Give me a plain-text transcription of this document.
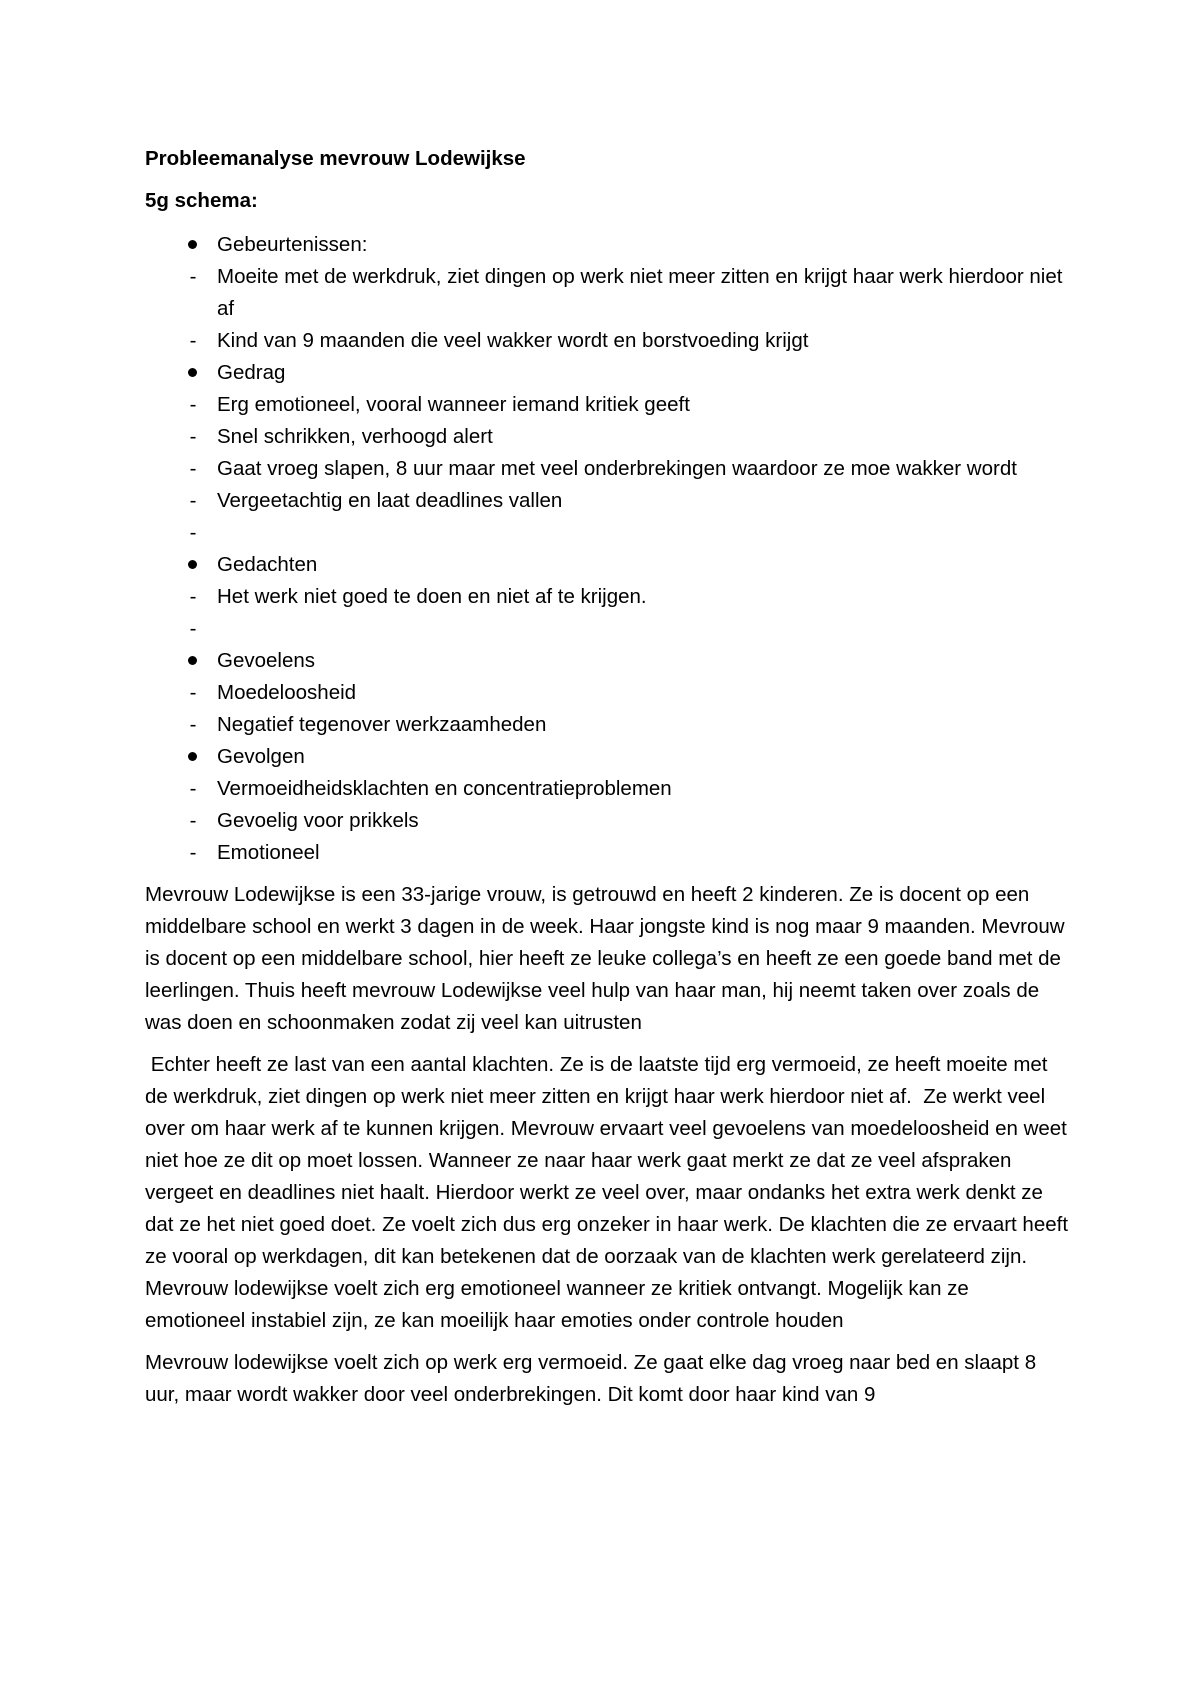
Probleemanalyse mevrouw Lodewijkse
5g schema:
Gebeurtenissen:
-	Moeite met de werkdruk, ziet dingen op werk niet meer zitten en krijgt haar werk hierdoor niet af
-	Kind van 9 maanden die veel wakker wordt en borstvoeding krijgt
Gedrag
-	Erg emotioneel, vooral wanneer iemand kritiek geeft
-	Snel schrikken, verhoogd alert
-	Gaat vroeg slapen, 8 uur maar met veel onderbrekingen waardoor ze moe wakker wordt
-	Vergeetachtig en laat deadlines vallen
-
Gedachten
-	Het werk niet goed te doen en niet af te krijgen.
-
Gevoelens
-	Moedeloosheid
-	Negatief tegenover werkzaamheden
Gevolgen
-	Vermoeidheidsklachten en concentratieproblemen
-	Gevoelig voor prikkels
-	Emotioneel
Mevrouw Lodewijkse is een 33-jarige vrouw, is getrouwd en heeft 2 kinderen. Ze is docent op een middelbare school en werkt 3 dagen in de week. Haar jongste kind is nog maar 9 maanden. Mevrouw is docent op een middelbare school, hier heeft ze leuke collega’s en heeft ze een goede band met de leerlingen. Thuis heeft mevrouw Lodewijkse veel hulp van haar man, hij neemt taken over zoals de was doen en schoonmaken zodat zij veel kan uitrusten
Echter heeft ze last van een aantal klachten. Ze is de laatste tijd erg vermoeid, ze heeft moeite met de werkdruk, ziet dingen op werk niet meer zitten en krijgt haar werk hierdoor niet af.  Ze werkt veel over om haar werk af te kunnen krijgen. Mevrouw ervaart veel gevoelens van moedeloosheid en weet niet hoe ze dit op moet lossen. Wanneer ze naar haar werk gaat merkt ze dat ze veel afspraken vergeet en deadlines niet haalt. Hierdoor werkt ze veel over, maar ondanks het extra werk denkt ze dat ze het niet goed doet. Ze voelt zich dus erg onzeker in haar werk. De klachten die ze ervaart heeft ze vooral op werkdagen, dit kan betekenen dat de oorzaak van de klachten werk gerelateerd zijn. Mevrouw lodewijkse voelt zich erg emotioneel wanneer ze kritiek ontvangt. Mogelijk kan ze emotioneel instabiel zijn, ze kan moeilijk haar emoties onder controle houden
Mevrouw lodewijkse voelt zich op werk erg vermoeid. Ze gaat elke dag vroeg naar bed en slaapt 8 uur, maar wordt wakker door veel onderbrekingen. Dit komt door haar kind van 9
